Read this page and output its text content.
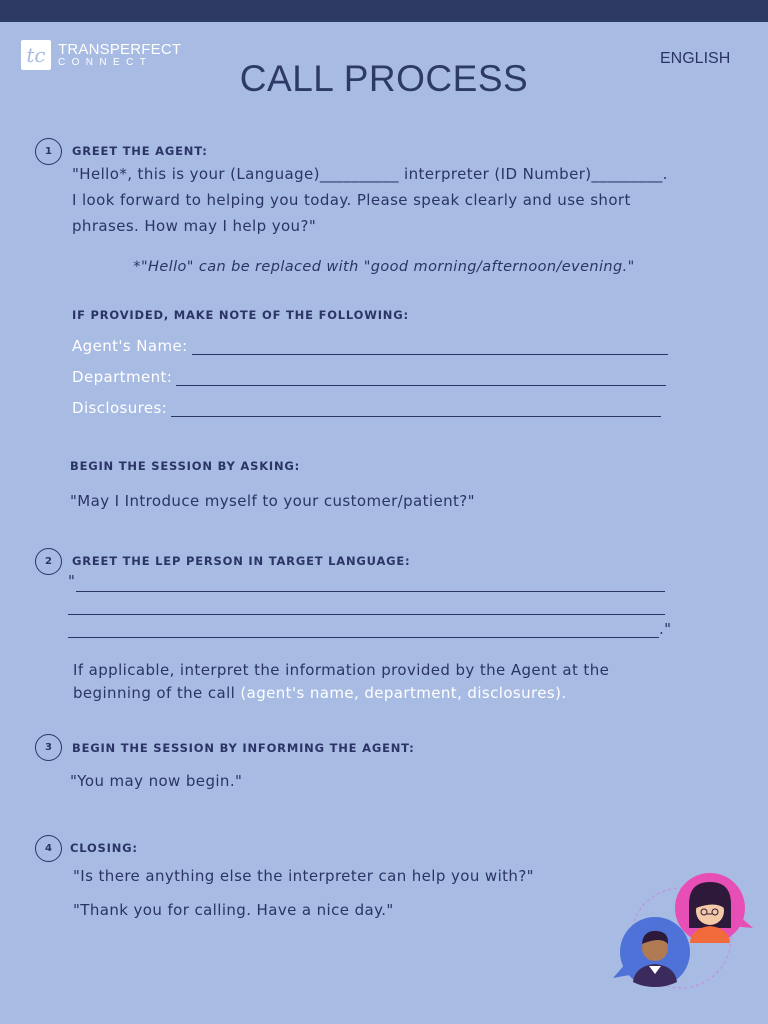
tc TRANSPERFECT
CONNECT	ENGLISH
CALL PROCESS
1	GREET THE AGENT:
"Hello*, this is your (Language)__________ interpreter (ID Number)_________.
I look forward to helping you today. Please speak clearly and use short
phrases. How may I help you?"
*"Hello" can be replaced with "good morning/afternoon/evening."
IF PROVIDED, MAKE NOTE OF THE FOLLOWING:
Agent's Name:
Department:
Disclosures:
BEGIN THE SESSION BY ASKING:
"May I Introduce myself to your customer/patient?"
2	GREET THE LEP PERSON IN TARGET LANGUAGE:
"
."
If applicable, interpret the information provided by the Agent at the
beginning of the call (agent's name, department, disclosures).
3	BEGIN THE SESSION BY INFORMING THE AGENT:
"You may now begin."
4	CLOSING:
"Is there anything else the interpreter can help you with?"
"Thank you for calling. Have a nice day."
